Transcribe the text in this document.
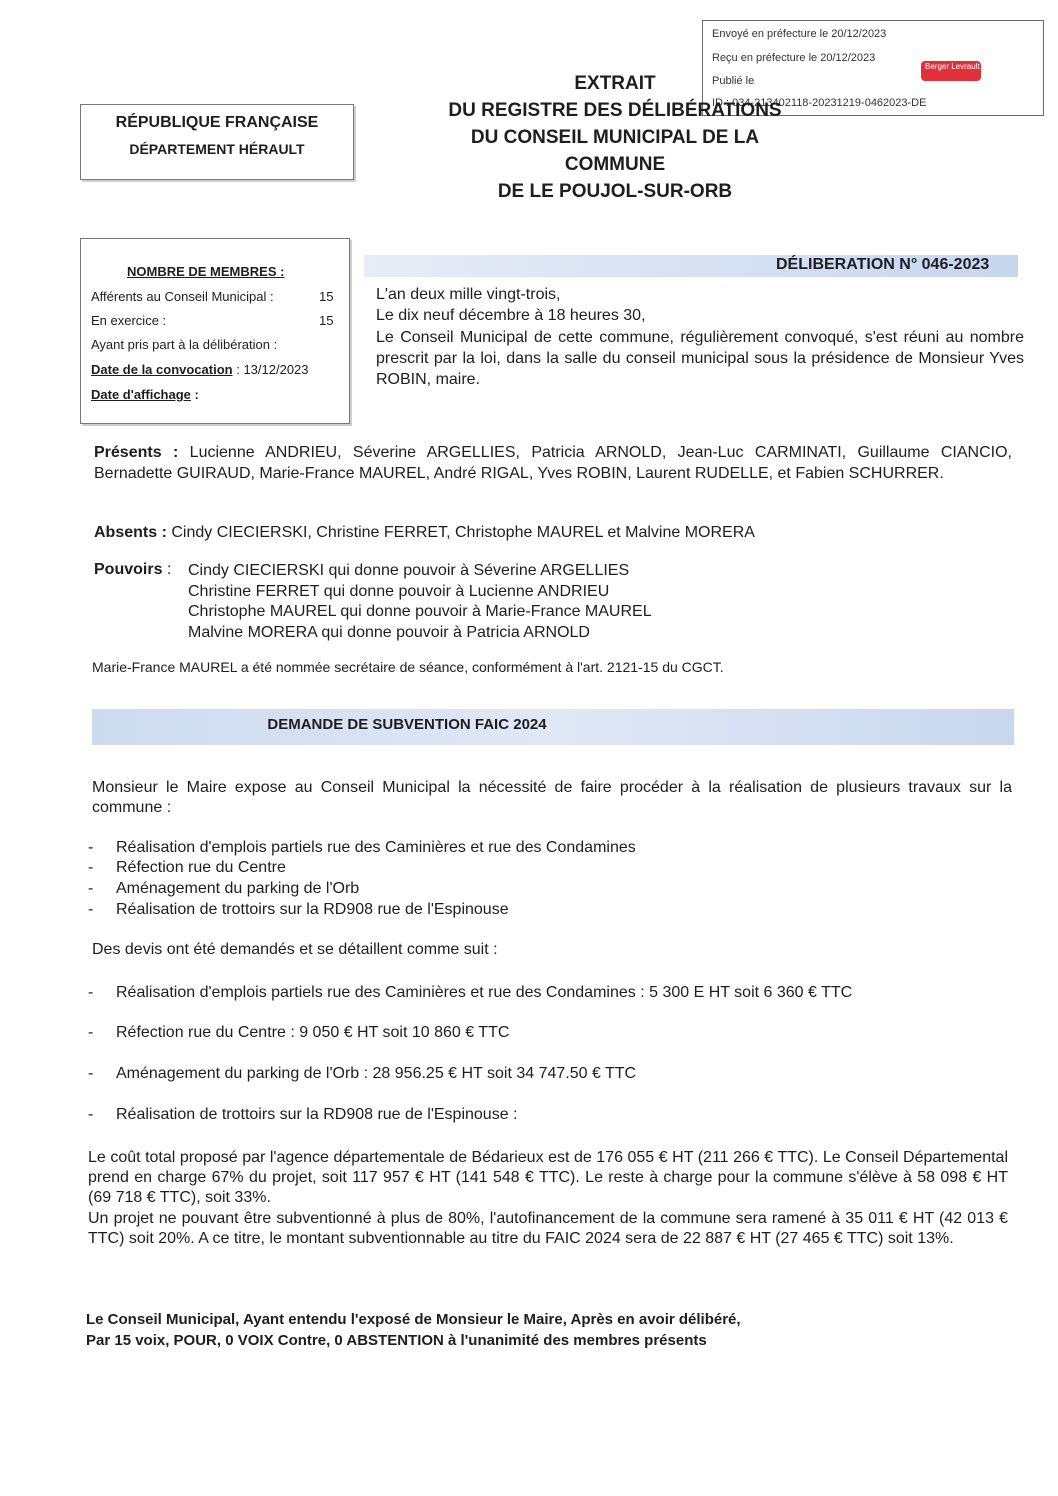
Envoyé en préfecture le 20/12/2023
Reçu en préfecture le 20/12/2023
Publié le
ID : 034-213402118-20231219-0462023-DE
Berger Levrault
RÉPUBLIQUE FRANÇAISE
DÉPARTEMENT HÉRAULT
EXTRAIT
DU REGISTRE DES DÉLIBÉRATIONS
DU CONSEIL MUNICIPAL DE LA
COMMUNE
DE LE POUJOL-SUR-ORB
NOMBRE DE MEMBRES :
Afférents au Conseil Municipal :	15
En exercice :	15
Ayant pris part à la délibération :
Date de la convocation : 13/12/2023
Date d'affichage :
DÉLIBERATION N° 046-2023
L'an deux mille vingt-trois,
Le dix neuf décembre à 18 heures 30,
Le Conseil Municipal de cette commune, régulièrement convoqué, s'est réuni au nombre prescrit par la loi, dans la salle du conseil municipal sous la présidence de Monsieur Yves ROBIN, maire.
Présents : Lucienne ANDRIEU, Séverine ARGELLIES, Patricia ARNOLD, Jean-Luc CARMINATI, Guillaume CIANCIO, Bernadette GUIRAUD, Marie-France MAUREL, André RIGAL, Yves ROBIN, Laurent RUDELLE, et Fabien SCHURRER.
Absents : Cindy CIECIERSKI, Christine FERRET, Christophe MAUREL et Malvine MORERA
Pouvoirs : Cindy CIECIERSKI qui donne pouvoir à Séverine ARGELLIES
Christine FERRET qui donne pouvoir à Lucienne ANDRIEU
Christophe MAUREL qui donne pouvoir à Marie-France MAUREL
Malvine MORERA qui donne pouvoir à Patricia ARNOLD
Marie-France MAUREL a été nommée secrétaire de séance, conformément à l'art. 2121-15 du CGCT.
DEMANDE DE SUBVENTION FAIC 2024
Monsieur le Maire expose au Conseil Municipal la nécessité de faire procéder à la réalisation de plusieurs travaux sur la commune :
- Réalisation d'emplois partiels rue des Caminières et rue des Condamines
- Réfection rue du Centre
- Aménagement du parking de l'Orb
- Réalisation de trottoirs sur la RD908 rue de l'Espinouse
Des devis ont été demandés et se détaillent comme suit :
- Réalisation d'emplois partiels rue des Caminières et rue des Condamines : 5 300 E HT soit 6 360 € TTC
- Réfection rue du Centre : 9 050 € HT soit 10 860 € TTC
- Aménagement du parking de l'Orb : 28 956.25 € HT soit 34 747.50 € TTC
- Réalisation de trottoirs sur la RD908 rue de l'Espinouse :
Le coût total proposé par l'agence départementale de Bédarieux est de 176 055 € HT (211 266 € TTC). Le Conseil Départemental prend en charge 67% du projet, soit 117 957 € HT (141 548 € TTC). Le reste à charge pour la commune s'élève à 58 098 € HT (69 718 € TTC), soit 33%.
Un projet ne pouvant être subventionné à plus de 80%, l'autofinancement de la commune sera ramené à 35 011 € HT (42 013 € TTC) soit 20%. A ce titre, le montant subventionnable au titre du FAIC 2024 sera de 22 887 € HT (27 465 € TTC) soit 13%.
Le Conseil Municipal, Ayant entendu l'exposé de Monsieur le Maire, Après en avoir délibéré,
Par 15 voix, POUR, 0 VOIX Contre, 0 ABSTENTION à l'unanimité des membres présents
